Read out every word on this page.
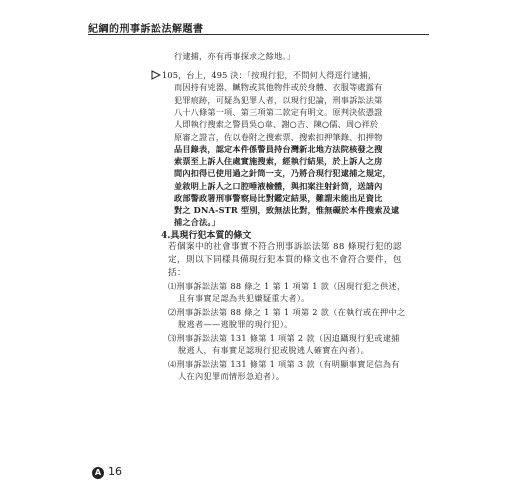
紀綱的刑事訴訟法解題書
行逮捕，亦有再事探求之餘地。」
105，台上，495 決：「按現行犯，不問何人得逕行逮捕，
而因持有兇器、贓物或其他物件或於身體、衣服等處露有
犯罪痕跡，可疑為犯罪人者，以現行犯論，刑事訴訟法第
八十八條第一項、第三項第二款定有明文。原判決依憑證
人即執行搜索之警員吳○韋、謝○吉、陳○儒、周○祥於
原審之證言，佐以卷附之搜索票、搜索扣押筆錄、扣押物
品目錄表，認定本件係警員持台灣新北地方法院核發之搜
索票至上訴人住處實施搜索，經執行結果，於上訴人之房
間內扣得已使用過之針筒一支，乃將合現行犯逮捕之規定，
並敘明上訴人之口腔唾液檢體，與扣案注射針筒，送請內
政部警政署刑事警察局比對鑑定結果，難謂未能出足資比
對之 DNA-STR 型別，致無法比對，惟無礙於本件搜索及逮
捕之合法。」
4.具現行犯本質的條文
若個案中的社會事實不符合刑事訴訟法第 88 條現行犯的認
定，則以下同樣具備現行犯本質的條文也不會符合要件，包
括：
⑴刑事訴訟法第 88 條之 1 第 1 項第 1 款（因現行犯之供述，
且有事實足認為共犯嫌疑重大者）。
⑵刑事訴訟法第 88 條之 1 第 1 項第 2 款（在執行或在押中之
脫逃者——逃脫罪的現行犯）。
⑶刑事訴訟法第 131 條第 1 項第 2 款（因追躡現行犯或逮捕
脫逃人，有事實足認現行犯或脫逃人確實在內者）。
⑷刑事訴訟法第 131 條第 1 項第 3 款（有明顯事實足信為有
人在內犯罪而情形急迫者）。
A 16
